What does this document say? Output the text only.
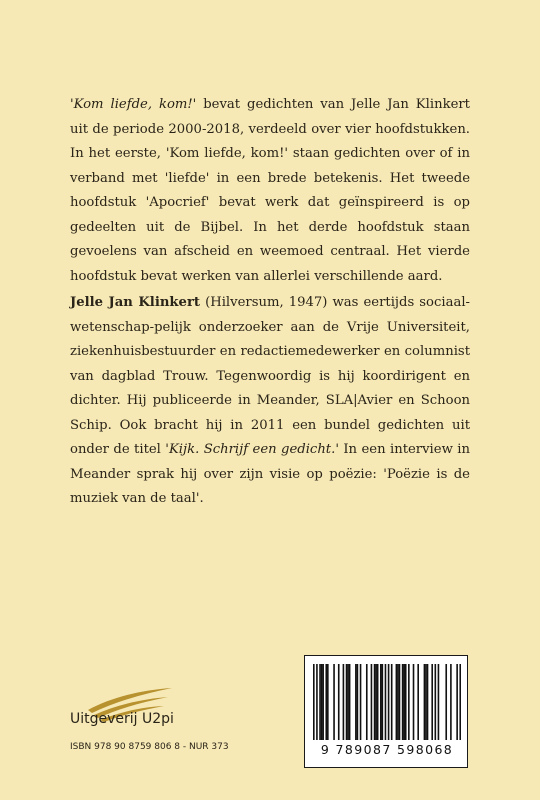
'Kom liefde, kom!' bevat gedichten van Jelle Jan Klinkert uit de periode 2000-2018, verdeeld over vier hoofdstukken. In het eerste, 'Kom liefde, kom!' staan gedichten over of in verband met 'liefde' in een brede betekenis. Het tweede hoofdstuk 'Apocrief' bevat werk dat geïnspireerd is op gedeelten uit de Bijbel. In het derde hoofdstuk staan gevoelens van afscheid en weemoed centraal. Het vierde hoofdstuk bevat werken van allerlei verschillende aard.

Jelle Jan Klinkert (Hilversum, 1947) was eertijds sociaal-wetenschap-pelijk onderzoeker aan de Vrije Universiteit, ziekenhuisbestuurder en redactiemedewerker en columnist van dagblad Trouw. Tegenwoordig is hij koordirigent en dichter. Hij publiceerde in Meander, SLA|Avier en Schoon Schip. Ook bracht hij in 2011 een bundel gedichten uit onder de titel 'Kijk. Schrijf een gedicht.' In een interview in Meander sprak hij over zijn visie op poëzie: 'Poëzie is de muziek van de taal'.

Uitgeverij U2pi
ISBN 978 90 8759 806 8 - NUR 373	9 789087 598068
